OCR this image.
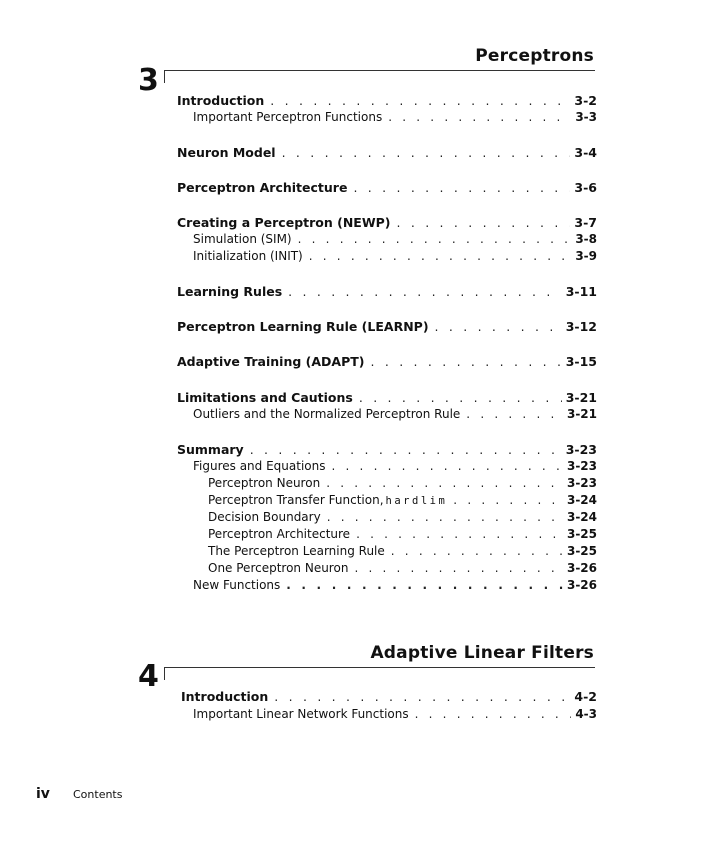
Perceptrons
3
Introduction . . .	3-2
Important Perceptron Functions . . .	3-3
Neuron Model . . .	3-4
Perceptron Architecture . . .	3-6
Creating a Perceptron (NEWP) . . .	3-7
Simulation (SIM) . . .	3-8
Initialization (INIT) . . .	3-9
Learning Rules . . .	3-11
Perceptron Learning Rule (LEARNP) . . .	3-12
Adaptive Training (ADAPT) . . .	3-15
Limitations and Cautions . . .	3-21
Outliers and the Normalized Perceptron Rule . . .	3-21
Summary . . .	3-23
Figures and Equations . . .	3-23
Perceptron Neuron . . .	3-23
Perceptron Transfer Function, hardlim . . .	3-24
Decision Boundary . . .	3-24
Perceptron Architecture . . .	3-25
The Perceptron Learning Rule . . .	3-25
One Perceptron Neuron . . .	3-26
New Functions . . .	3-26
Adaptive Linear Filters
4
Introduction . . .	4-2
Important Linear Network Functions . . .	4-3
iv	Contents
